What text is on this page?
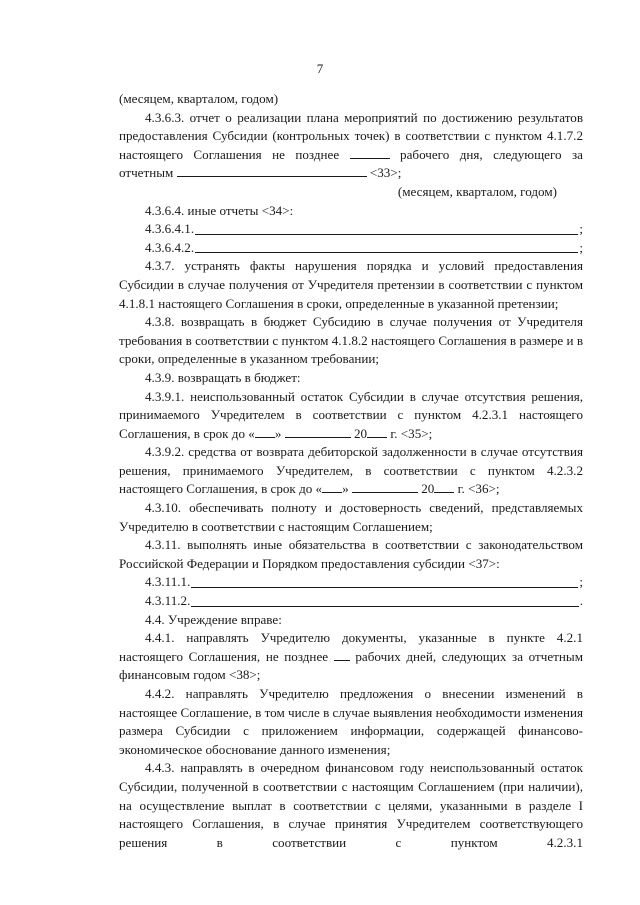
7

(месяцем, кварталом, годом)

4.3.6.3. отчет о реализации плана мероприятий по достижению результатов предоставления Субсидии (контрольных точек) в соответствии с пунктом 4.1.7.2 настоящего Соглашения не позднее	рабочего дня, следующего за отчетным	<33>;

(месяцем, кварталом, годом)

4.3.6.4. иные отчеты <34>:

4.3.6.4.1.	;
4.3.6.4.2.	;

4.3.7. устранять факты нарушения порядка и условий предоставления Субсидии в случае получения от Учредителя претензии в соответствии с пунктом 4.1.8.1 настоящего Соглашения в сроки, определенные в указанной претензии;

4.3.8. возвращать в бюджет Субсидию в случае получения от Учредителя требования в соответствии с пунктом 4.1.8.2 настоящего Соглашения в размере и в сроки, определенные в указанном требовании;

4.3.9. возвращать в бюджет:

4.3.9.1. неиспользованный остаток Субсидии в случае отсутствия решения, принимаемого Учредителем в соответствии с пунктом 4.2.3.1 настоящего Соглашения, в срок до « »	20 г. <35>;

4.3.9.2. средства от возврата дебиторской задолженности в случае отсутствия решения, принимаемого Учредителем, в соответствии с пунктом 4.2.3.2 настоящего Соглашения, в срок до « »	20 г. <36>;

4.3.10. обеспечивать полноту и достоверность сведений, представляемых Учредителю в соответствии с настоящим Соглашением;

4.3.11. выполнять иные обязательства в соответствии с законодательством Российской Федерации и Порядком предоставления субсидии <37>:

4.3.11.1.	;
4.3.11.2.	.

4.4. Учреждение вправе:

4.4.1. направлять Учредителю документы, указанные в пункте 4.2.1 настоящего Соглашения, не позднее рабочих дней, следующих за отчетным финансовым годом <38>;

4.4.2. направлять Учредителю предложения о внесении изменений в настоящее Соглашение, в том числе в случае выявления необходимости изменения размера Субсидии с приложением информации, содержащей финансово-экономическое обоснование данного изменения;

4.4.3. направлять в очередном финансовом году неиспользованный остаток Субсидии, полученной в соответствии с настоящим Соглашением (при наличии), на осуществление выплат в соответствии с целями, указанными в разделе I настоящего Соглашения, в случае принятия Учредителем соответствующего решения в соответствии с пунктом 4.2.3.1
